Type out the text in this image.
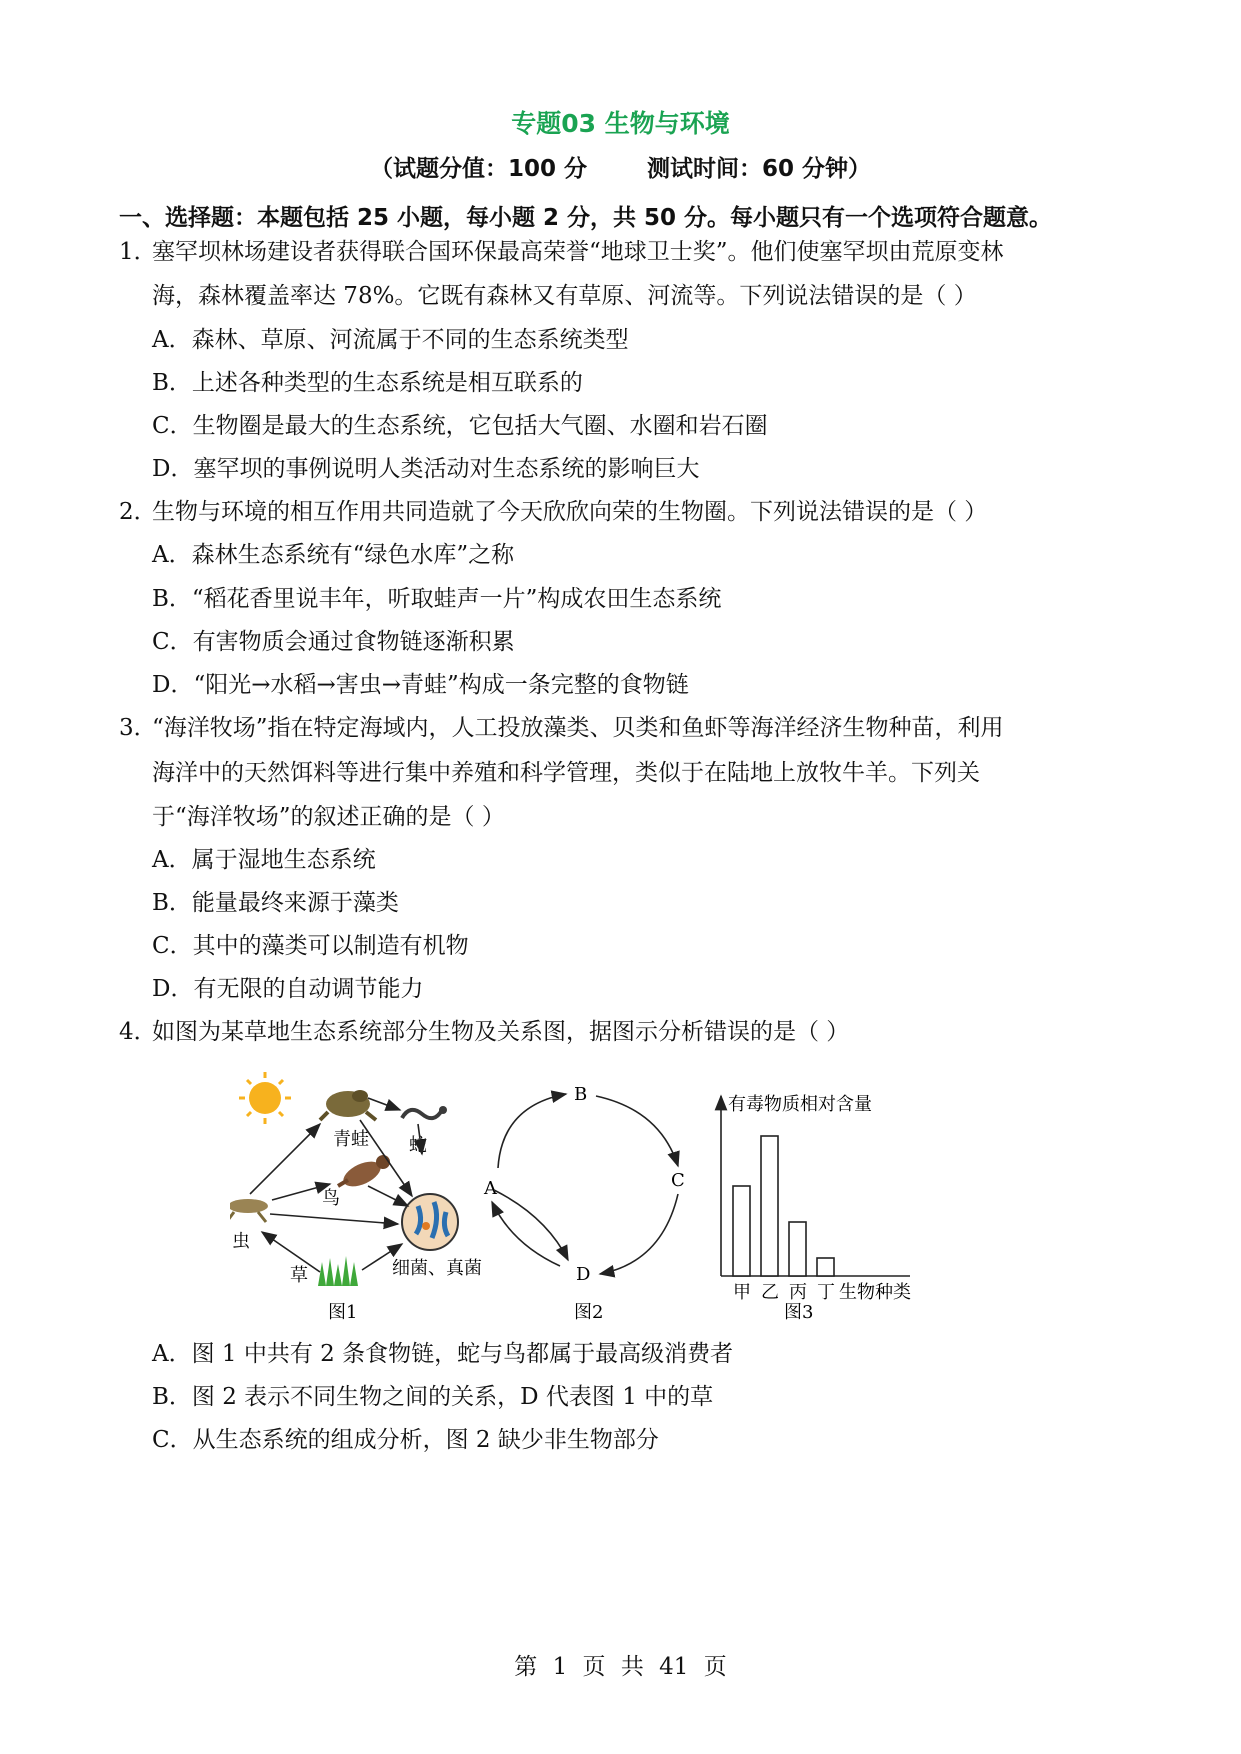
专题03 生物与环境
（试题分值：100 分	测试时间：60 分钟）
一、选择题：本题包括 25 小题，每小题 2 分，共 50 分。每小题只有一个选项符合题意。
1．
塞罕坝林场建设者获得联合国环保最高荣誉“地球卫士奖”。他们使塞罕坝由荒原变林
海，森林覆盖率达 78%。它既有森林又有草原、河流等。下列说法错误的是（ ）
A．森林、草原、河流属于不同的生态系统类型
B．上述各种类型的生态系统是相互联系的
C．生物圈是最大的生态系统，它包括大气圈、水圈和岩石圈
D．塞罕坝的事例说明人类活动对生态系统的影响巨大
2．
生物与环境的相互作用共同造就了今天欣欣向荣的生物圈。下列说法错误的是（ ）
A．森林生态系统有“绿色水库”之称
B．“稻花香里说丰年，听取蛙声一片”构成农田生态系统
C．有害物质会通过食物链逐渐积累
D．“阳光→水稻→害虫→青蛙”构成一条完整的食物链
3．
“海洋牧场”指在特定海域内，人工投放藻类、贝类和鱼虾等海洋经济生物种苗，利用
海洋中的天然饵料等进行集中养殖和科学管理，类似于在陆地上放牧牛羊。下列关
于“海洋牧场”的叙述正确的是（ ）
A．属于湿地生态系统
B．能量最终来源于藻类
C．其中的藻类可以制造有机物
D．有无限的自动调节能力
4．
如图为某草地生态系统部分生物及关系图，据图示分析错误的是（ ）
青蛙 蛇
鸟
虫
草	细菌、真菌
图1
B
C
A
D
图2
有毒物质相对含量
甲 乙 丙 丁 生物种类
图3
A．图 1 中共有 2 条食物链，蛇与鸟都属于最高级消费者
B．图 2 表示不同生物之间的关系，D 代表图 1 中的草
C．从生态系统的组成分析，图 2 缺少非生物部分
第 1 页 共 41 页
